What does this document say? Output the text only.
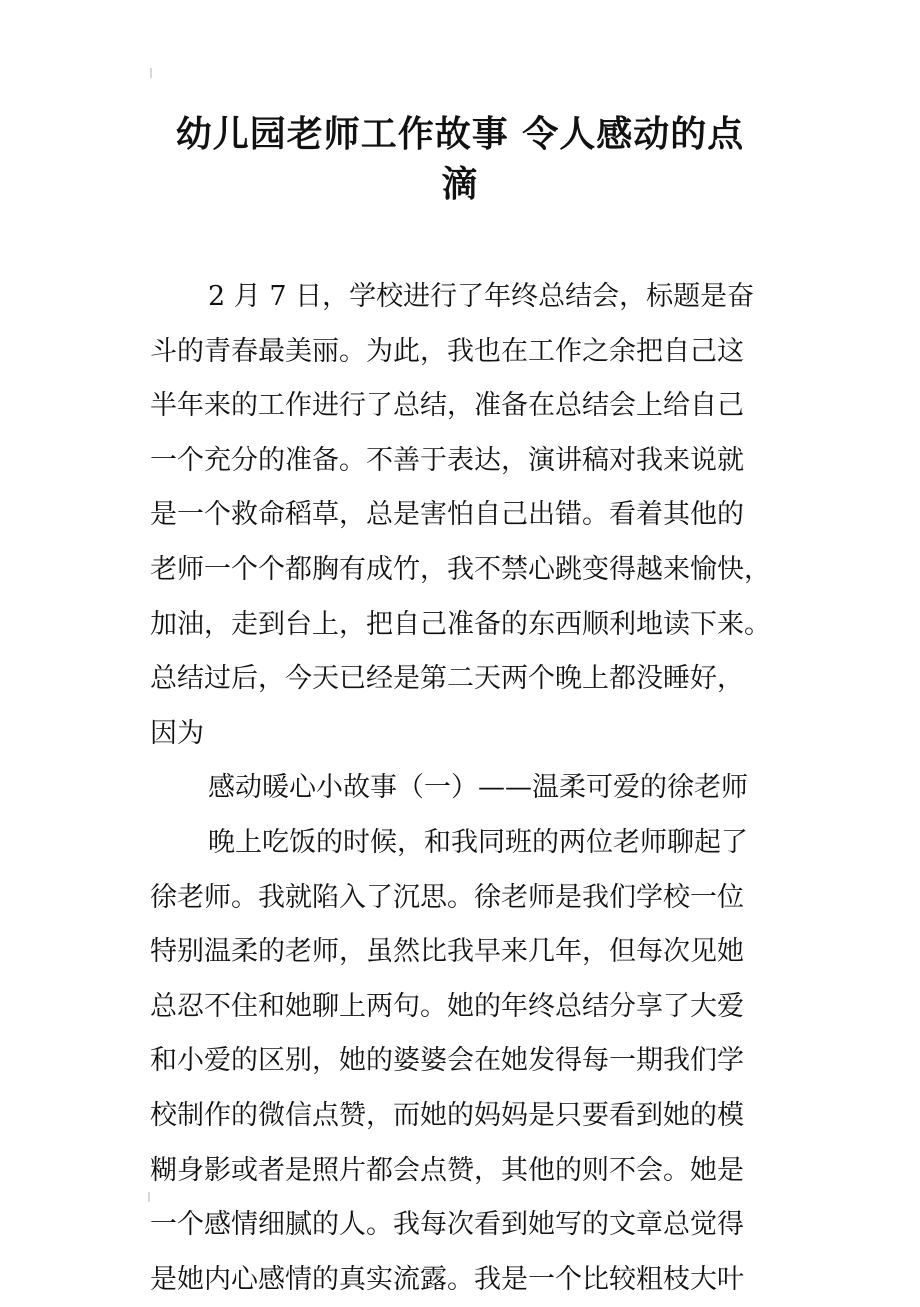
幼儿园老师工作故事 令人感动的点
滴
2 月 7 日，学校进行了年终总结会，标题是奋
斗的青春最美丽。为此，我也在工作之余把自己这
半年来的工作进行了总结，准备在总结会上给自己
一个充分的准备。不善于表达，演讲稿对我来说就
是一个救命稻草，总是害怕自己出错。看着其他的
老师一个个都胸有成竹，我不禁心跳变得越来愉快，
加油，走到台上，把自己准备的东西顺利地读下来。
总结过后，今天已经是第二天两个晚上都没睡好，
因为
感动暖心小故事（一）——温柔可爱的徐老师
晚上吃饭的时候，和我同班的两位老师聊起了
徐老师。我就陷入了沉思。徐老师是我们学校一位
特别温柔的老师，虽然比我早来几年，但每次见她
总忍不住和她聊上两句。她的年终总结分享了大爱
和小爱的区别，她的婆婆会在她发得每一期我们学
校制作的微信点赞，而她的妈妈是只要看到她的模
糊身影或者是照片都会点赞，其他的则不会。她是
一个感情细腻的人。我每次看到她写的文章总觉得
是她内心感情的真实流露。我是一个比较粗枝大叶
